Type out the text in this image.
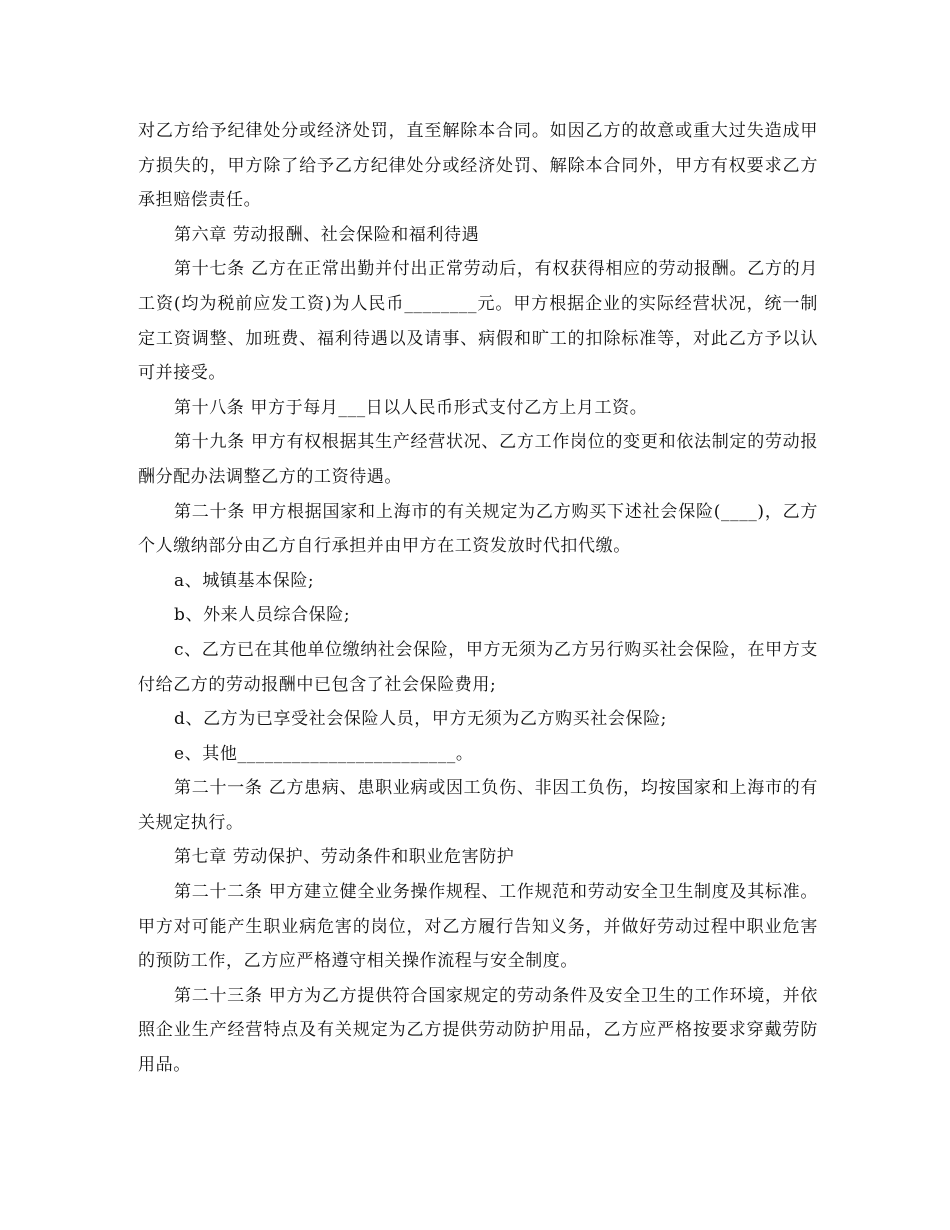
对乙方给予纪律处分或经济处罚，直至解除本合同。如因乙方的故意或重大过失造成甲方损失的，甲方除了给予乙方纪律处分或经济处罚、解除本合同外，甲方有权要求乙方承担赔偿责任。

第六章 劳动报酬、社会保险和福利待遇

第十七条 乙方在正常出勤并付出正常劳动后，有权获得相应的劳动报酬。乙方的月工资(均为税前应发工资)为人民币________元。甲方根据企业的实际经营状况，统一制定工资调整、加班费、福利待遇以及请事、病假和旷工的扣除标准等，对此乙方予以认可并接受。

第十八条 甲方于每月___日以人民币形式支付乙方上月工资。

第十九条 甲方有权根据其生产经营状况、乙方工作岗位的变更和依法制定的劳动报酬分配办法调整乙方的工资待遇。

第二十条 甲方根据国家和上海市的有关规定为乙方购买下述社会保险(____)，乙方个人缴纳部分由乙方自行承担并由甲方在工资发放时代扣代缴。

a、城镇基本保险;

b、外来人员综合保险;

c、乙方已在其他单位缴纳社会保险，甲方无须为乙方另行购买社会保险，在甲方支付给乙方的劳动报酬中已包含了社会保险费用;

d、乙方为已享受社会保险人员，甲方无须为乙方购买社会保险;

e、其他________________________。

第二十一条 乙方患病、患职业病或因工负伤、非因工负伤，均按国家和上海市的有关规定执行。

第七章 劳动保护、劳动条件和职业危害防护

第二十二条 甲方建立健全业务操作规程、工作规范和劳动安全卫生制度及其标准。甲方对可能产生职业病危害的岗位，对乙方履行告知义务，并做好劳动过程中职业危害的预防工作，乙方应严格遵守相关操作流程与安全制度。

第二十三条 甲方为乙方提供符合国家规定的劳动条件及安全卫生的工作环境，并依照企业生产经营特点及有关规定为乙方提供劳动防护用品，乙方应严格按要求穿戴劳防用品。
